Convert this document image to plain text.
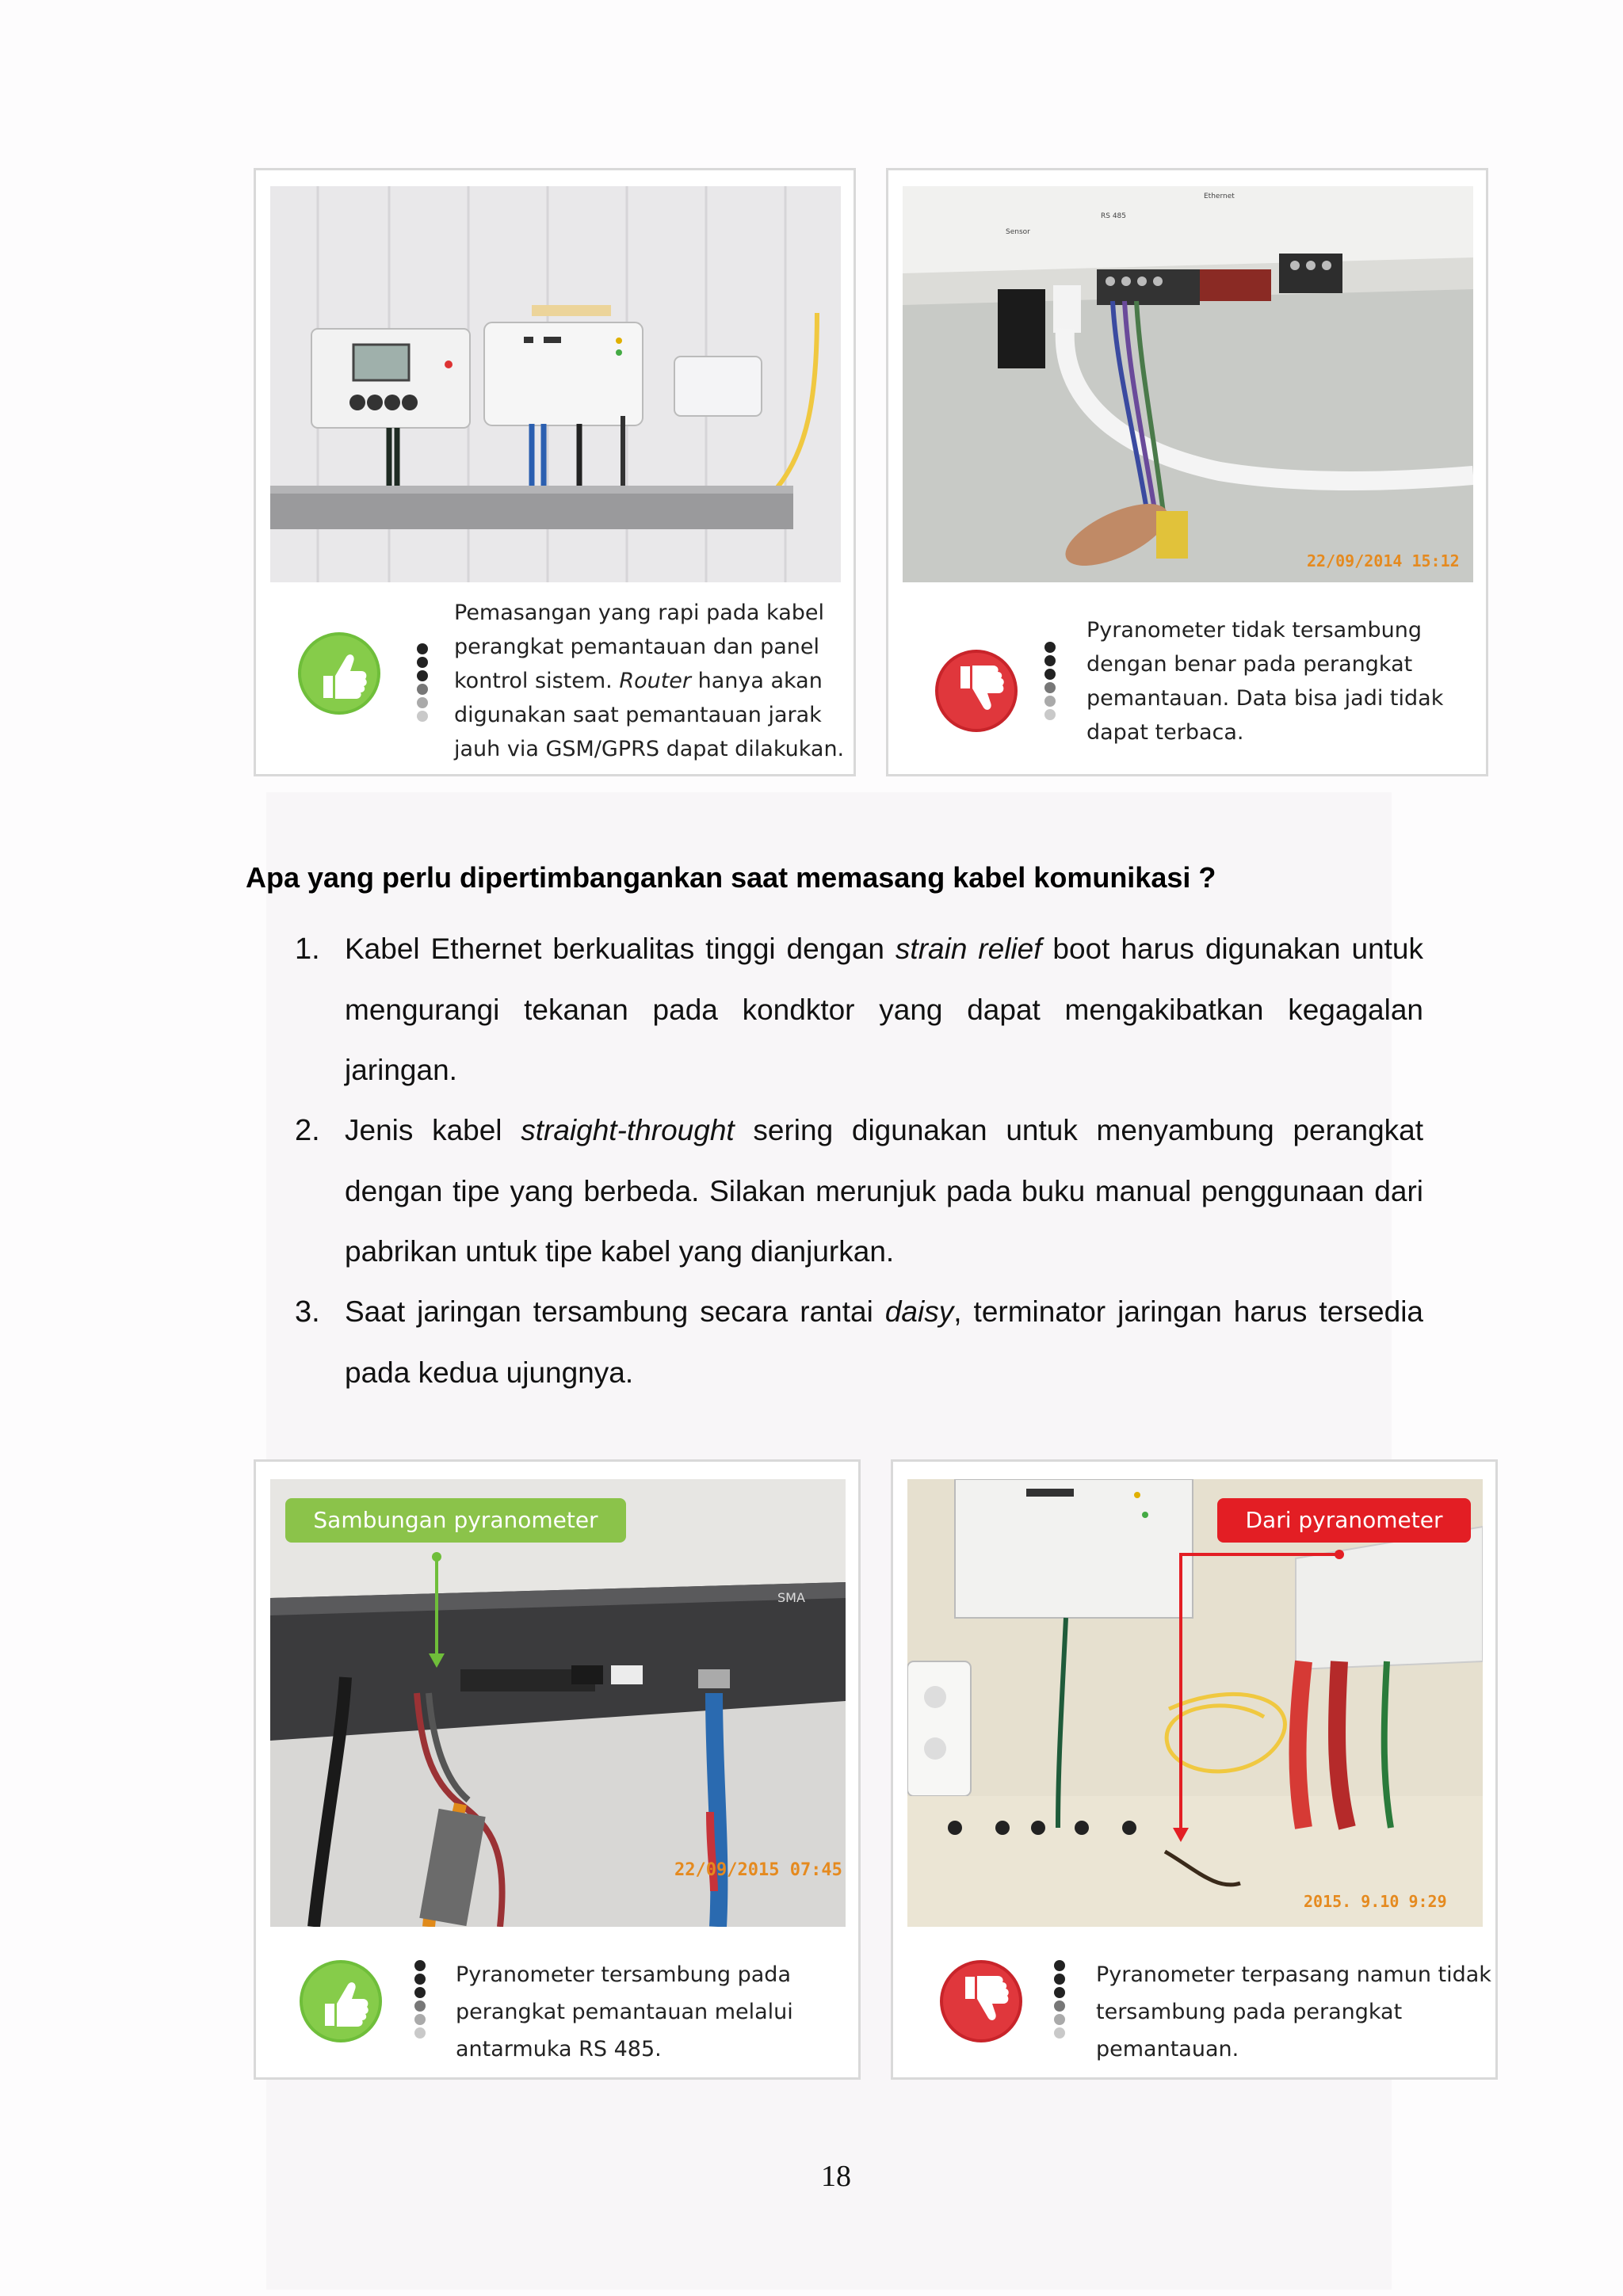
Pemasangan yang rapi pada kabel
perangkat pemantauan dan panel
kontrol sistem. Router hanya akan
digunakan saat pemantauan jarak
jauh via GSM/GPRS dapat dilakukan.
Sensor
RS 485
Ethernet
22/09/2014 15:12
Pyranometer tidak tersambung
dengan benar pada perangkat
pemantauan. Data bisa jadi tidak
dapat terbaca.
Apa yang perlu dipertimbangankan saat memasang kabel komunikasi ?
1. Kabel Ethernet berkualitas tinggi dengan strain relief boot harus digunakan untuk mengurangi tekanan pada kondktor yang dapat mengakibatkan kegagalan jaringan.
2. Jenis kabel straight-throught sering digunakan untuk menyambung perangkat dengan tipe yang berbeda. Silakan merunjuk pada buku manual penggunaan dari pabrikan untuk tipe kabel yang dianjurkan.
3. Saat jaringan tersambung secara rantai daisy, terminator jaringan harus tersedia pada kedua ujungnya.
SMA
22/09/2015 07:45
Sambungan pyranometer
Pyranometer tersambung pada
perangkat pemantauan melalui
antarmuka RS 485.
2015. 9.10 9:29
Dari pyranometer
Pyranometer terpasang namun tidak
tersambung pada perangkat
pemantauan.
18
